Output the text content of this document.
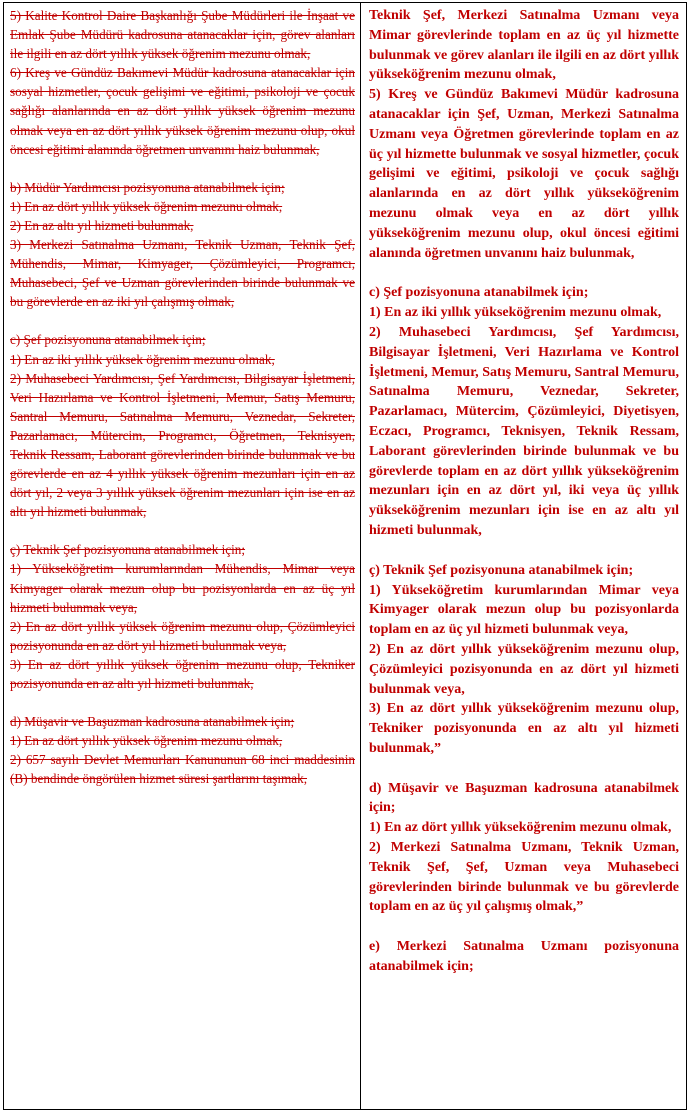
5) Kalite Kontrol Daire Başkanlığı Şube Müdürleri ile İnşaat ve Emlak Şube Müdürü kadrosuna atanacaklar için, görev alanları ile ilgili en az dört yıllık yüksek öğrenim mezunu olmak,

6) Kreş ve Gündüz Bakımevi Müdür kadrosuna atanacaklar için sosyal hizmetler, çocuk gelişimi ve eğitimi, psikoloji ve çocuk sağlığı alanlarında en az dört yıllık yüksek öğrenim mezunu olmak veya en az dört yıllık yüksek öğrenim mezunu olup, okul öncesi eğitimi alanında öğretmen unvanını haiz bulunmak,

b) Müdür Yardımcısı pozisyonuna atanabilmek için;

1) En az dört yıllık yüksek öğrenim mezunu olmak,

2) En az altı yıl hizmeti bulunmak,

3) Merkezi Satınalma Uzmanı, Teknik Uzman, Teknik Şef, Mühendis, Mimar, Kimyager, Çözümleyici, Programcı, Muhasebeci, Şef ve Uzman görevlerinden birinde bulunmak ve bu görevlerde en az iki yıl çalışmış olmak,

c) Şef pozisyonuna atanabilmek için;

1) En az iki yıllık yüksek öğrenim mezunu olmak,

2) Muhasebeci Yardımcısı, Şef Yardımcısı, Bilgisayar İşletmeni, Veri Hazırlama ve Kontrol İşletmeni, Memur, Satış Memuru, Santral Memuru, Satınalma Memuru, Veznedar, Sekreter, Pazarlamacı, Mütercim, Programcı, Öğretmen, Teknisyen, Teknik Ressam, Laborant görevlerinden birinde bulunmak ve bu görevlerde en az 4 yıllık yüksek öğrenim mezunları için en az dört yıl, 2 veya 3 yıllık yüksek öğrenim mezunları için ise en az altı yıl hizmeti bulunmak,

ç) Teknik Şef pozisyonuna atanabilmek için;

1) Yükseköğretim kurumlarından Mühendis, Mimar veya Kimyager olarak mezun olup bu pozisyonlarda en az üç yıl hizmeti bulunmak veya,

2) En az dört yıllık yüksek öğrenim mezunu olup, Çözümleyici pozisyonunda en az dört yıl hizmeti bulunmak veya,

3) En az dört yıllık yüksek öğrenim mezunu olup, Tekniker pozisyonunda en az altı yıl hizmeti bulunmak,

d) Müşavir ve Başuzman kadrosuna atanabilmek için;

1) En az dört yıllık yüksek öğrenim mezunu olmak,

2) 657 sayılı Devlet Memurları Kanununun 68 inci maddesinin (B) bendinde öngörülen hizmet süresi şartlarını taşımak,

Teknik Şef, Merkezi Satınalma Uzmanı veya Mimar görevlerinde toplam en az üç yıl hizmette bulunmak ve görev alanları ile ilgili en az dört yıllık yükseköğrenim mezunu olmak,

5) Kreş ve Gündüz Bakımevi Müdür kadrosuna atanacaklar için Şef, Uzman, Merkezi Satınalma Uzmanı veya Öğretmen görevlerinde toplam en az üç yıl hizmette bulunmak ve sosyal hizmetler, çocuk gelişimi ve eğitimi, psikoloji ve çocuk sağlığı alanlarında en az dört yıllık yükseköğrenim mezunu olmak veya en az dört yıllık yükseköğrenim mezunu olup, okul öncesi eğitimi alanında öğretmen unvanını haiz bulunmak,

c) Şef pozisyonuna atanabilmek için;

1) En az iki yıllık yükseköğrenim mezunu olmak,

2) Muhasebeci Yardımcısı, Şef Yardımcısı, Bilgisayar İşletmeni, Veri Hazırlama ve Kontrol İşletmeni, Memur, Satış Memuru, Santral Memuru, Satınalma Memuru, Veznedar, Sekreter, Pazarlamacı, Mütercim, Çözümleyici, Diyetisyen, Eczacı, Programcı, Teknisyen, Teknik Ressam, Laborant görevlerinden birinde bulunmak ve bu görevlerde toplam en az dört yıllık yükseköğrenim mezunları için en az dört yıl, iki veya üç yıllık yükseköğrenim mezunları için ise en az altı yıl hizmeti bulunmak,

ç) Teknik Şef pozisyonuna atanabilmek için;

1) Yükseköğretim kurumlarından Mimar veya Kimyager olarak mezun olup bu pozisyonlarda toplam en az üç yıl hizmeti bulunmak veya,

2) En az dört yıllık yükseköğrenim mezunu olup, Çözümleyici pozisyonunda en az dört yıl hizmeti bulunmak veya,

3) En az dört yıllık yükseköğrenim mezunu olup, Tekniker pozisyonunda en az altı yıl hizmeti bulunmak,”

d) Müşavir ve Başuzman kadrosuna atanabilmek için;

1) En az dört yıllık yükseköğrenim mezunu olmak,

2) Merkezi Satınalma Uzmanı, Teknik Uzman, Teknik Şef, Şef, Uzman veya Muhasebeci görevlerinden birinde bulunmak ve bu görevlerde toplam en az üç yıl çalışmış olmak,”

e) Merkezi Satınalma Uzmanı pozisyonuna atanabilmek için;
